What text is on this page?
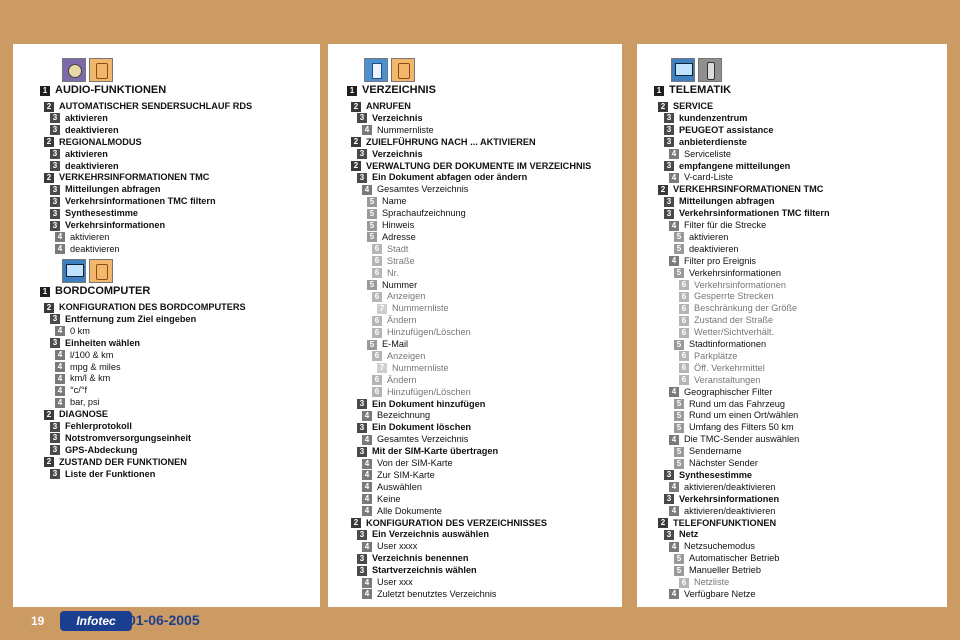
1 AUDIO-FUNKTIONEN
2 AUTOMATISCHER SENDERSUCHLAUF RDS
3 aktivieren
3 deaktivieren
2 REGIONALMODUS
3 aktivieren
3 deaktivieren
2 VERKEHRSINFORMATIONEN TMC
3 Mitteilungen abfragen
3 Verkehrsinformationen TMC filtern
3 Synthesestimme
3 Verkehrsinformationen
4 aktivieren
4 deaktivieren
1 BORDCOMPUTER
2 KONFIGURATION DES BORDCOMPUTERS
3 Entfernung zum Ziel eingeben
4 0 km
3 Einheiten wählen
4 l/100 & km
4 mpg & miles
4 km/l & km
4 °c/°f
4 bar, psi
2 DIAGNOSE
3 Fehlerprotokoll
3 Notstromversorgungseinheit
3 GPS-Abdeckung
2 ZUSTAND DER FUNKTIONEN
3 Liste der Funktionen
1 VERZEICHNIS
2 ANRUFEN
3 Verzeichnis
4 Nummernliste
2 ZUIELFÜHRUNG NACH ... AKTIVIEREN
3 Verzeichnis
2 VERWALTUNG DER DOKUMENTE IM VERZEICHNIS
3 Ein Dokument abfagen oder ändern
4 Gesamtes Verzeichnis
5 Name
5 Sprachaufzeichnung
5 Hinweis
5 Adresse
6 Stadt
6 Straße
6 Nr.
5 Nummer
6 Anzeigen
7 Nummernliste
6 Ändern
6 Hinzufügen/Löschen
5 E-Mail
6 Anzeigen
7 Nummernliste
6 Ändern
6 Hinzufügen/Löschen
3 Ein Dokument hinzufügen
4 Bezeichnung
3 Ein Dokument löschen
4 Gesamtes Verzeichnis
3 Mit der SIM-Karte übertragen
4 Von der SIM-Karte
4 Zur SIM-Karte
4 Auswählen
4 Keine
4 Alle Dokumente
2 KONFIGURATION DES VERZEICHNISSES
3 Ein Verzeichnis auswählen
4 User xxxx
3 Verzeichnis benennen
3 Startverzeichnis wählen
4 User xxx
4 Zuletzt benutztes Verzeichnis
1 TELEMATIK
2 SERVICE
3 kundenzentrum
3 PEUGEOT assistance
3 anbieterdienste
4 Serviceliste
3 empfangene mitteilungen
4 V-card-Liste
2 VERKEHRSINFORMATIONEN TMC
3 Mitteilungen abfragen
3 Verkehrsinformationen TMC filtern
4 Filter für die Strecke
5 aktivieren
5 deaktivieren
4 Filter pro Ereignis
5 Verkehrsinformationen
6 Verkehrsinformationen
6 Gesperrte Strecken
6 Beschränkung der Größe
6 Zustand der Straße
6 Wetter/Sichtverhält.
5 Stadtinformationen
6 Parkplätze
6 Öff. Verkehrmittel
6 Veranstaltungen
4 Geographischer Filter
5 Rund um das Fahrzeug
5 Rund um einen Ort/wählen
5 Umfang des Filters 50 km
4 Die TMC-Sender auswählen
5 Sendername
5 Nächster Sender
3 Synthesestimme
4 aktivieren/deaktivieren
3 Verkehrsinformationen
4 aktivieren/deaktivieren
2 TELEFONFUNKTIONEN
3 Netz
4 Netzsuchemodus
5 Automatischer Betrieb
5 Manueller Betrieb
6 Netzliste
4 Verfügbare Netze
19	Infotec 01-06-2005
